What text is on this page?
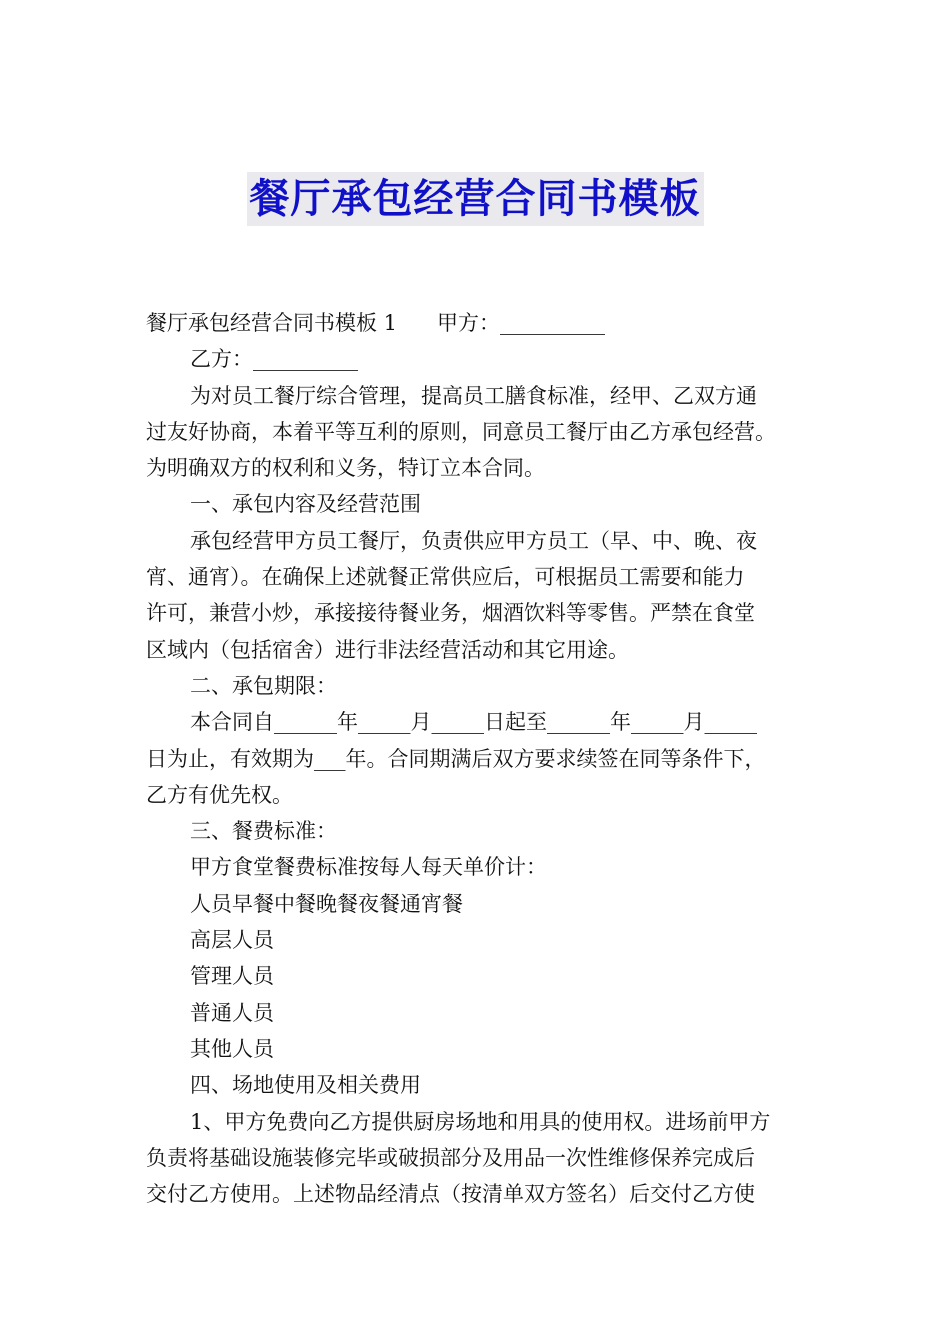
餐厅承包经营合同书模板
餐厅承包经营合同书模板 1 甲方：__________
乙方：__________
为对员工餐厅综合管理，提高员工膳食标准，经甲、乙双方通
过友好协商，本着平等互利的原则，同意员工餐厅由乙方承包经营。
为明确双方的权利和义务，特订立本合同。
一、承包内容及经营范围
承包经营甲方员工餐厅，负责供应甲方员工（早、中、晚、夜
宵、通宵）。在确保上述就餐正常供应后，可根据员工需要和能力
许可，兼营小炒，承接接待餐业务，烟酒饮料等零售。严禁在食堂
区域内（包括宿舍）进行非法经营活动和其它用途。
二、承包期限：
本合同自______年_____月_____日起至______年_____月_____
日为止，有效期为___年。合同期满后双方要求续签在同等条件下，
乙方有优先权。
三、餐费标准：
甲方食堂餐费标准按每人每天单价计：
人员早餐中餐晚餐夜餐通宵餐
高层人员
管理人员
普通人员
其他人员
四、场地使用及相关费用
1、甲方免费向乙方提供厨房场地和用具的使用权。进场前甲方
负责将基础设施装修完毕或破损部分及用品一次性维修保养完成后
交付乙方使用。上述物品经清点（按清单双方签名）后交付乙方使
